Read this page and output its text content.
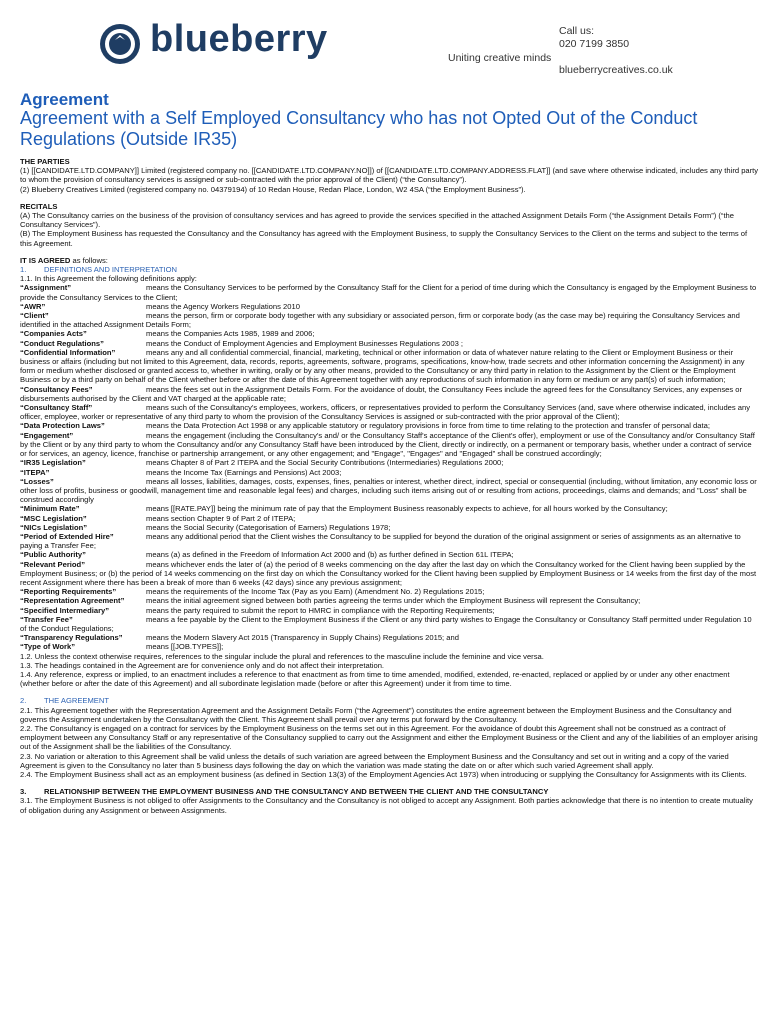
blueberry	Uniting creative minds
Call us:
020 7199 3850
blueberrycreatives.co.uk
Agreement
Agreement with a Self Employed Consultancy who has not Opted Out of the Conduct Regulations (Outside IR35)

THE PARTIES

(1) [[CANDIDATE.LTD.COMPANY]] Limited (registered company no. [[CANDIDATE.LTD.COMPANY.NO]]) of [[CANDIDATE.LTD.COMPANY.ADDRESS.FLAT]] (and save where otherwise indicated, includes any third party to whom the provision of consultancy services is assigned or sub-contracted with the prior approval of the Client) (“the Consultancy”).

(2) Blueberry Creatives Limited (registered company no. 04379194) of 10 Redan House, Redan Place, London, W2 4SA (“the Employment Business”).

RECITALS

(A) The Consultancy carries on the business of the provision of consultancy services and has agreed to provide the services specified in the attached Assignment Details Form (“the Assignment Details Form”) (“the Consultancy Services”).

(B) The Employment Business has requested the Consultancy and the Consultancy has agreed with the Employment Business, to supply the Consultancy Services to the Client on the terms and subject to the terms of this Agreement.

IT IS AGREED as follows:

1. DEFINITIONS AND INTERPRETATION

1.1. In this Agreement the following definitions apply:

“Assignment”	means the Consultancy Services to be performed by the Consultancy Staff for the Client for a period of time during which the Consultancy is engaged by the Employment Business to provide the Consultancy Services to the Client;

“AWR”	means the Agency Workers Regulations 2010

“Client”	means the person, firm or corporate body together with any subsidiary or associated person, firm or corporate body (as the case may be) requiring the Consultancy Services and identified in the attached Assignment Details Form;

“Companies Acts”	means the Companies Acts 1985, 1989 and 2006;

“Conduct Regulations”	means the Conduct of Employment Agencies and Employment Businesses Regulations 2003 ;

“Confidential Information”	means any and all confidential commercial, financial, marketing, technical or other information or data of whatever nature relating to the Client or Employment Business or their business or affairs (including but not limited to this Agreement, data, records, reports, agreements, software, programs, specifications, know-how, trade secrets and other information concerning the Assignment) in any form or medium whether disclosed or granted access to, whether in writing, orally or by any other means, provided to the Consultancy or any third party in relation to the Assignment by the Client or the Employment Business or by a third party on behalf of the Client whether before or after the date of this Agreement together with any reproductions of such information in any form or medium or any part(s) of such information;

“Consultancy Fees”	means the fees set out in the Assignment Details Form. For the avoidance of doubt, the Consultancy Fees include the agreed fees for the Consultancy Services, any expenses or disbursements authorised by the Client and VAT charged at the applicable rate;

“Consultancy Staff”	means such of the Consultancy's employees, workers, officers, or representatives provided to perform the Consultancy Services (and, save where otherwise indicated, includes any officer, employee, worker or representative of any third party to whom the provision of the Consultancy Services is assigned or sub-contracted with the prior approval of the Client);

“Data Protection Laws”	means the Data Protection Act 1998 or any applicable statutory or regulatory provisions in force from time to time relating to the protection and transfer of personal data;

“Engagement”	means the engagement (including the Consultancy's and/ or the Consultancy Staff's acceptance of the Client's offer), employment or use of the Consultancy and/or Consultancy Staff by the Client or by any third party to whom the Consultancy and/or any Consultancy Staff have been introduced by the Client, directly or indirectly, on a permanent or temporary basis, whether under a contract of service or for services, an agency, licence, franchise or partnership arrangement, or any other engagement; and "Engage", "Engages" and "Engaged" shall be construed accordingly;

“IR35 Legislation”	means Chapter 8 of Part 2 ITEPA and the Social Security Contributions (Intermediaries) Regulations 2000;

“ITEPA”	means the Income Tax (Earnings and Pensions) Act 2003;

“Losses”	means all losses, liabilities, damages, costs, expenses, fines, penalties or interest, whether direct, indirect, special or consequential (including, without limitation, any economic loss or other loss of profits, business or goodwill, management time and reasonable legal fees) and charges, including such items arising out of or resulting from actions, proceedings, claims and demands; and "Loss" shall be construed accordingly

“Minimum Rate”	means [[RATE.PAY]] being the minimum rate of pay that the Employment Business reasonably expects to achieve, for all hours worked by the Consultancy;

“MSC Legislation”	means section Chapter 9 of Part 2 of ITEPA;

“NICs Legislation”	means the Social Security (Categorisation of Earners) Regulations 1978;

“Period of Extended Hire”	means any additional period that the Client wishes the Consultancy to be supplied for beyond the duration of the original assignment or series of assignments as an alternative to paying a Transfer Fee;

“Public Authority”	means (a) as defined in the Freedom of Information Act 2000 and (b) as further defined in Section 61L ITEPA;

“Relevant Period”	means whichever ends the later of (a) the period of 8 weeks commencing on the day after the last day on which the Consultancy worked for the Client having been supplied by the Employment Business; or (b) the period of 14 weeks commencing on the first day on which the Consultancy worked for the Client having been supplied by Employment Business or 14 weeks from the first day of the most recent Assignment where there has been a break of more than 6 weeks (42 days) since any previous assignment;

“Reporting Requirements”	means the requirements of the Income Tax (Pay as you Earn) (Amendment No. 2) Regulations 2015;

“Representation Agreement”	means the initial agreement signed between both parties agreeing the terms under which the Employment Business will represent the Consultancy;

“Specified Intermediary”	means the party required to submit the report to HMRC in compliance with the Reporting Requirements;

“Transfer Fee”	means a fee payable by the Client to the Employment Business if the Client or any third party wishes to Engage the Consultancy or Consultancy Staff permitted under Regulation 10 of the Conduct Regulations;

“Transparency Regulations”	means the Modern Slavery Act 2015 (Transparency in Supply Chains) Regulations 2015; and

“Type of Work”	means [[JOB.TYPES]];

1.2. Unless the context otherwise requires, references to the singular include the plural and references to the masculine include the feminine and vice versa.

1.3. The headings contained in the Agreement are for convenience only and do not affect their interpretation.

1.4. Any reference, express or implied, to an enactment includes a reference to that enactment as from time to time amended, modified, extended, re-enacted, replaced or applied by or under any other enactment (whether before or after the date of this Agreement) and all subordinate legislation made (before or after this Agreement) under it from time to time.

2. THE AGREEMENT

2.1. This Agreement together with the Representation Agreement and the Assignment Details Form (“the Agreement”) constitutes the entire agreement between the Employment Business and the Consultancy and governs the Assignment undertaken by the Consultancy with the Client. This Agreement shall prevail over any terms put forward by the Consultancy.

2.2. The Consultancy is engaged on a contract for services by the Employment Business on the terms set out in this Agreement. For the avoidance of doubt this Agreement shall not be construed as a contract of employment between any Consultancy Staff or any representative of the Consultancy supplied to carry out the Assignment and either the Employment Business or the Client and any of the liabilities of an employer arising out of the Assignment shall be the liabilities of the Consultancy.

2.3. No variation or alteration to this Agreement shall be valid unless the details of such variation are agreed between the Employment Business and the Consultancy and set out in writing and a copy of the varied Agreement is given to the Consultancy no later than 5 business days following the day on which the variation was made stating the date on or after which such varied Agreement shall apply.

2.4. The Employment Business shall act as an employment business (as defined in Section 13(3) of the Employment Agencies Act 1973) when introducing or supplying the Consultancy for Assignments with its Clients.

3. RELATIONSHIP BETWEEN THE EMPLOYMENT BUSINESS AND THE CONSULTANCY AND BETWEEN THE CLIENT AND THE CONSULTANCY

3.1. The Employment Business is not obliged to offer Assignments to the Consultancy and the Consultancy is not obliged to accept any Assignment. Both parties acknowledge that there is no intention to create mutuality of obligation during any Assignment or between Assignments.
